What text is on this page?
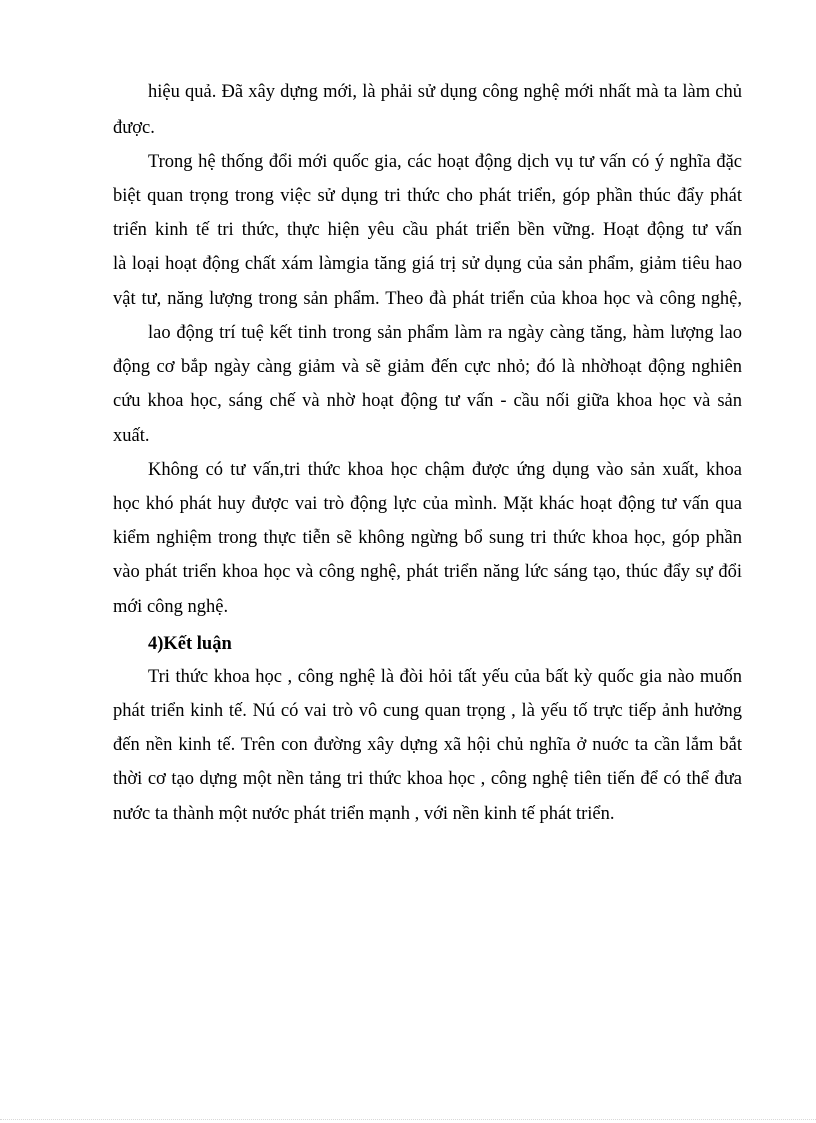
hiệu quả. Đã xây dựng mới, là phải sử dụng công nghệ mới nhất mà ta làm chủ
được.
Trong hệ thống đổi mới quốc gia, các hoạt động dịch vụ tư vấn có ý nghĩa đặc
biệt quan trọng trong việc sử dụng tri thức cho phát triển, góp phần thúc đẩy phát
triển kinh tế tri thức, thực hiện yêu cầu phát triển bền vững. Hoạt động tư vấn
là loại hoạt động chất xám làmgia tăng giá trị sử dụng của sản phẩm, giảm tiêu hao
vật tư, năng lượng trong sản phẩm. Theo đà phát triển của khoa học và công nghệ,
lao động trí tuệ kết tinh trong sản phẩm làm ra ngày càng tăng, hàm lượng lao
động cơ bắp ngày càng giảm và sẽ giảm đến cực nhỏ; đó là nhờhoạt động nghiên
cứu khoa học, sáng chế và nhờ hoạt động tư vấn - cầu nối giữa khoa học và sản
xuất.
Không có tư vấn,tri thức khoa học chậm được ứng dụng vào sản xuất, khoa
học khó phát huy được vai trò động lực của mình. Mặt khác hoạt động tư vấn qua
kiểm nghiệm trong thực tiễn sẽ không ngừng bổ sung tri thức khoa học, góp phần
vào phát triển khoa học và công nghệ, phát triển năng lức sáng tạo, thúc đẩy sự đổi
mới công nghệ.
4)Kết luận
Tri thức khoa học , công nghệ là đòi hỏi tất yếu của bất kỳ quốc gia nào muốn
phát triển kinh tế. Nú có vai trò vô cung quan trọng , là yếu tố trực tiếp ảnh hưởng
đến nền kinh tế. Trên con đường xây dựng xã hội chủ nghĩa ở nuớc ta cần lắm bắt
thời cơ tạo dựng một nền tảng tri thức khoa học , công nghệ tiên tiến để có thể đưa
nước ta thành một nước phát triển mạnh , với nền kinh tế phát triển.
